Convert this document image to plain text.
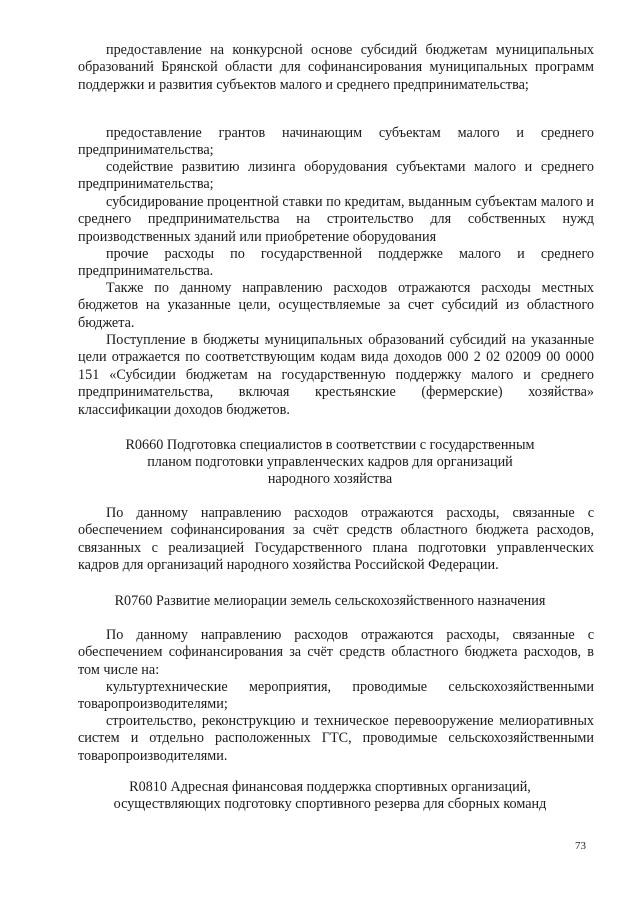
предоставление на конкурсной основе субсидий бюджетам муниципальных образований Брянской области для софинансирования муниципальных программ поддержки и развития субъектов малого и среднего предпринимательства;

предоставление грантов начинающим субъектам малого и среднего предпринимательства;

содействие развитию лизинга оборудования субъектами малого и среднего предпринимательства;

субсидирование процентной ставки по кредитам, выданным субъектам малого и среднего предпринимательства на строительство для собственных нужд производственных зданий или приобретение оборудования

прочие расходы по государственной поддержке малого и среднего предпринимательства.

Также по данному направлению расходов отражаются расходы местных бюджетов на указанные цели, осуществляемые за счет субсидий из областного бюджета.

Поступление в бюджеты муниципальных образований субсидий на указанные цели отражается по соответствующим кодам вида доходов 000 2 02 02009 00 0000 151 «Субсидии бюджетам на государственную поддержку малого и среднего предпринимательства, включая крестьянские (фермерские) хозяйства» классификации доходов бюджетов.

R0660 Подготовка специалистов в соответствии с государственным

планом подготовки управленческих кадров для организаций

народного хозяйства

По данному направлению расходов отражаются расходы, связанные с обеспечением софинансирования за счёт средств областного бюджета расходов, связанных с реализацией Государственного плана подготовки управленческих кадров для организаций народного хозяйства Российской Федерации.

R0760 Развитие мелиорации земель сельскохозяйственного назначения

По данному направлению расходов отражаются расходы, связанные с обеспечением софинансирования за счёт средств областного бюджета расходов, в том числе на:

культуртехнические мероприятия, проводимые сельскохозяйственными товаропроизводителями;

строительство, реконструкцию и техническое перевооружение мелиоративных систем и отдельно расположенных ГТС, проводимые сельскохозяйственными товаропроизводителями.

R0810 Адресная финансовая поддержка спортивных организаций,

осуществляющих подготовку спортивного резерва для сборных команд

73
